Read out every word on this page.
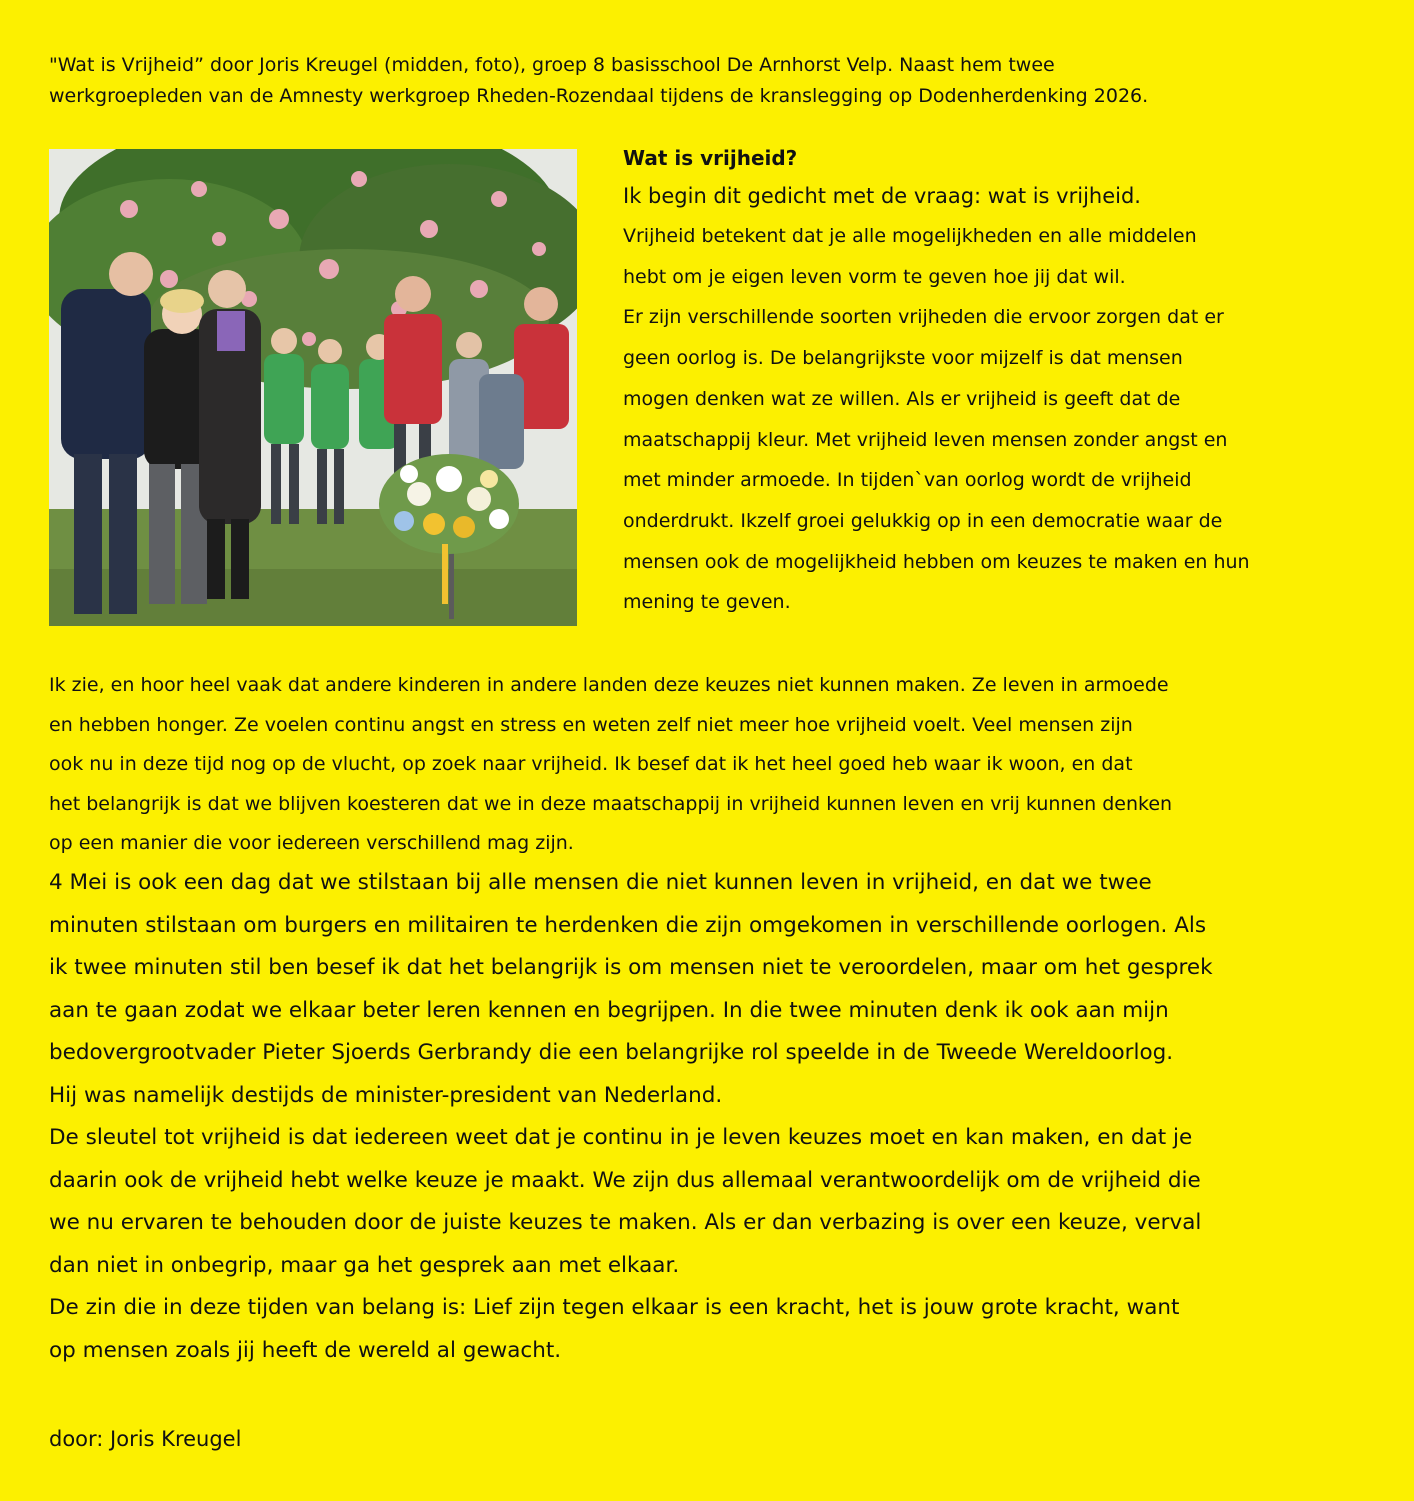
"Wat is Vrijheid” door Joris Kreugel (midden, foto), groep 8 basisschool De Arnhorst Velp. Naast hem twee
werkgroepleden van de Amnesty werkgroep Rheden-Rozendaal tijdens de kranslegging op Dodenherdenking 2026.

Wat is vrijheid?

Ik begin dit gedicht met de vraag: wat is vrijheid.

Vrijheid betekent dat je alle mogelijkheden en alle middelen

hebt om je eigen leven vorm te geven hoe jij dat wil.

Er zijn verschillende soorten vrijheden die ervoor zorgen dat er

geen oorlog is. De belangrijkste voor mijzelf is dat mensen

mogen denken wat ze willen. Als er vrijheid is geeft dat de

maatschappij kleur. Met vrijheid leven mensen zonder angst en

met minder armoede. In tijden`van oorlog wordt de vrijheid

onderdrukt. Ikzelf groei gelukkig op in een democratie waar de

mensen ook de mogelijkheid hebben om keuzes te maken en hun

mening te geven.

Ik zie, en hoor heel vaak dat andere kinderen in andere landen deze keuzes niet kunnen maken. Ze leven in armoede
en hebben honger. Ze voelen continu angst en stress en weten zelf niet meer hoe vrijheid voelt. Veel mensen zijn
ook nu in deze tijd nog op de vlucht, op zoek naar vrijheid. Ik besef dat ik het heel goed heb waar ik woon, en dat
het belangrijk is dat we blijven koesteren dat we in deze maatschappij in vrijheid kunnen leven en vrij kunnen denken
op een manier die voor iedereen verschillend mag zijn.

4 Mei is ook een dag dat we stilstaan bij alle mensen die niet kunnen leven in vrijheid, en dat we twee

minuten stilstaan om burgers en militairen te herdenken die zijn omgekomen in verschillende oorlogen. Als

ik twee minuten stil ben besef ik dat het belangrijk is om mensen niet te veroordelen, maar om het gesprek

aan te gaan zodat we elkaar beter leren kennen en begrijpen. In die twee minuten denk ik ook aan mijn

bedovergrootvader Pieter Sjoerds Gerbrandy die een belangrijke rol speelde in de Tweede Wereldoorlog.

Hij was namelijk destijds de minister-president van Nederland.

De sleutel tot vrijheid is dat iedereen weet dat je continu in je leven keuzes moet en kan maken, en dat je

daarin ook de vrijheid hebt welke keuze je maakt. We zijn dus allemaal verantwoordelijk om de vrijheid die

we nu ervaren te behouden door de juiste keuzes te maken. Als er dan verbazing is over een keuze, verval

dan niet in onbegrip, maar ga het gesprek aan met elkaar.

De zin die in deze tijden van belang is: Lief zijn tegen elkaar is een kracht, het is jouw grote kracht, want

op mensen zoals jij heeft de wereld al gewacht.

door: Joris Kreugel
